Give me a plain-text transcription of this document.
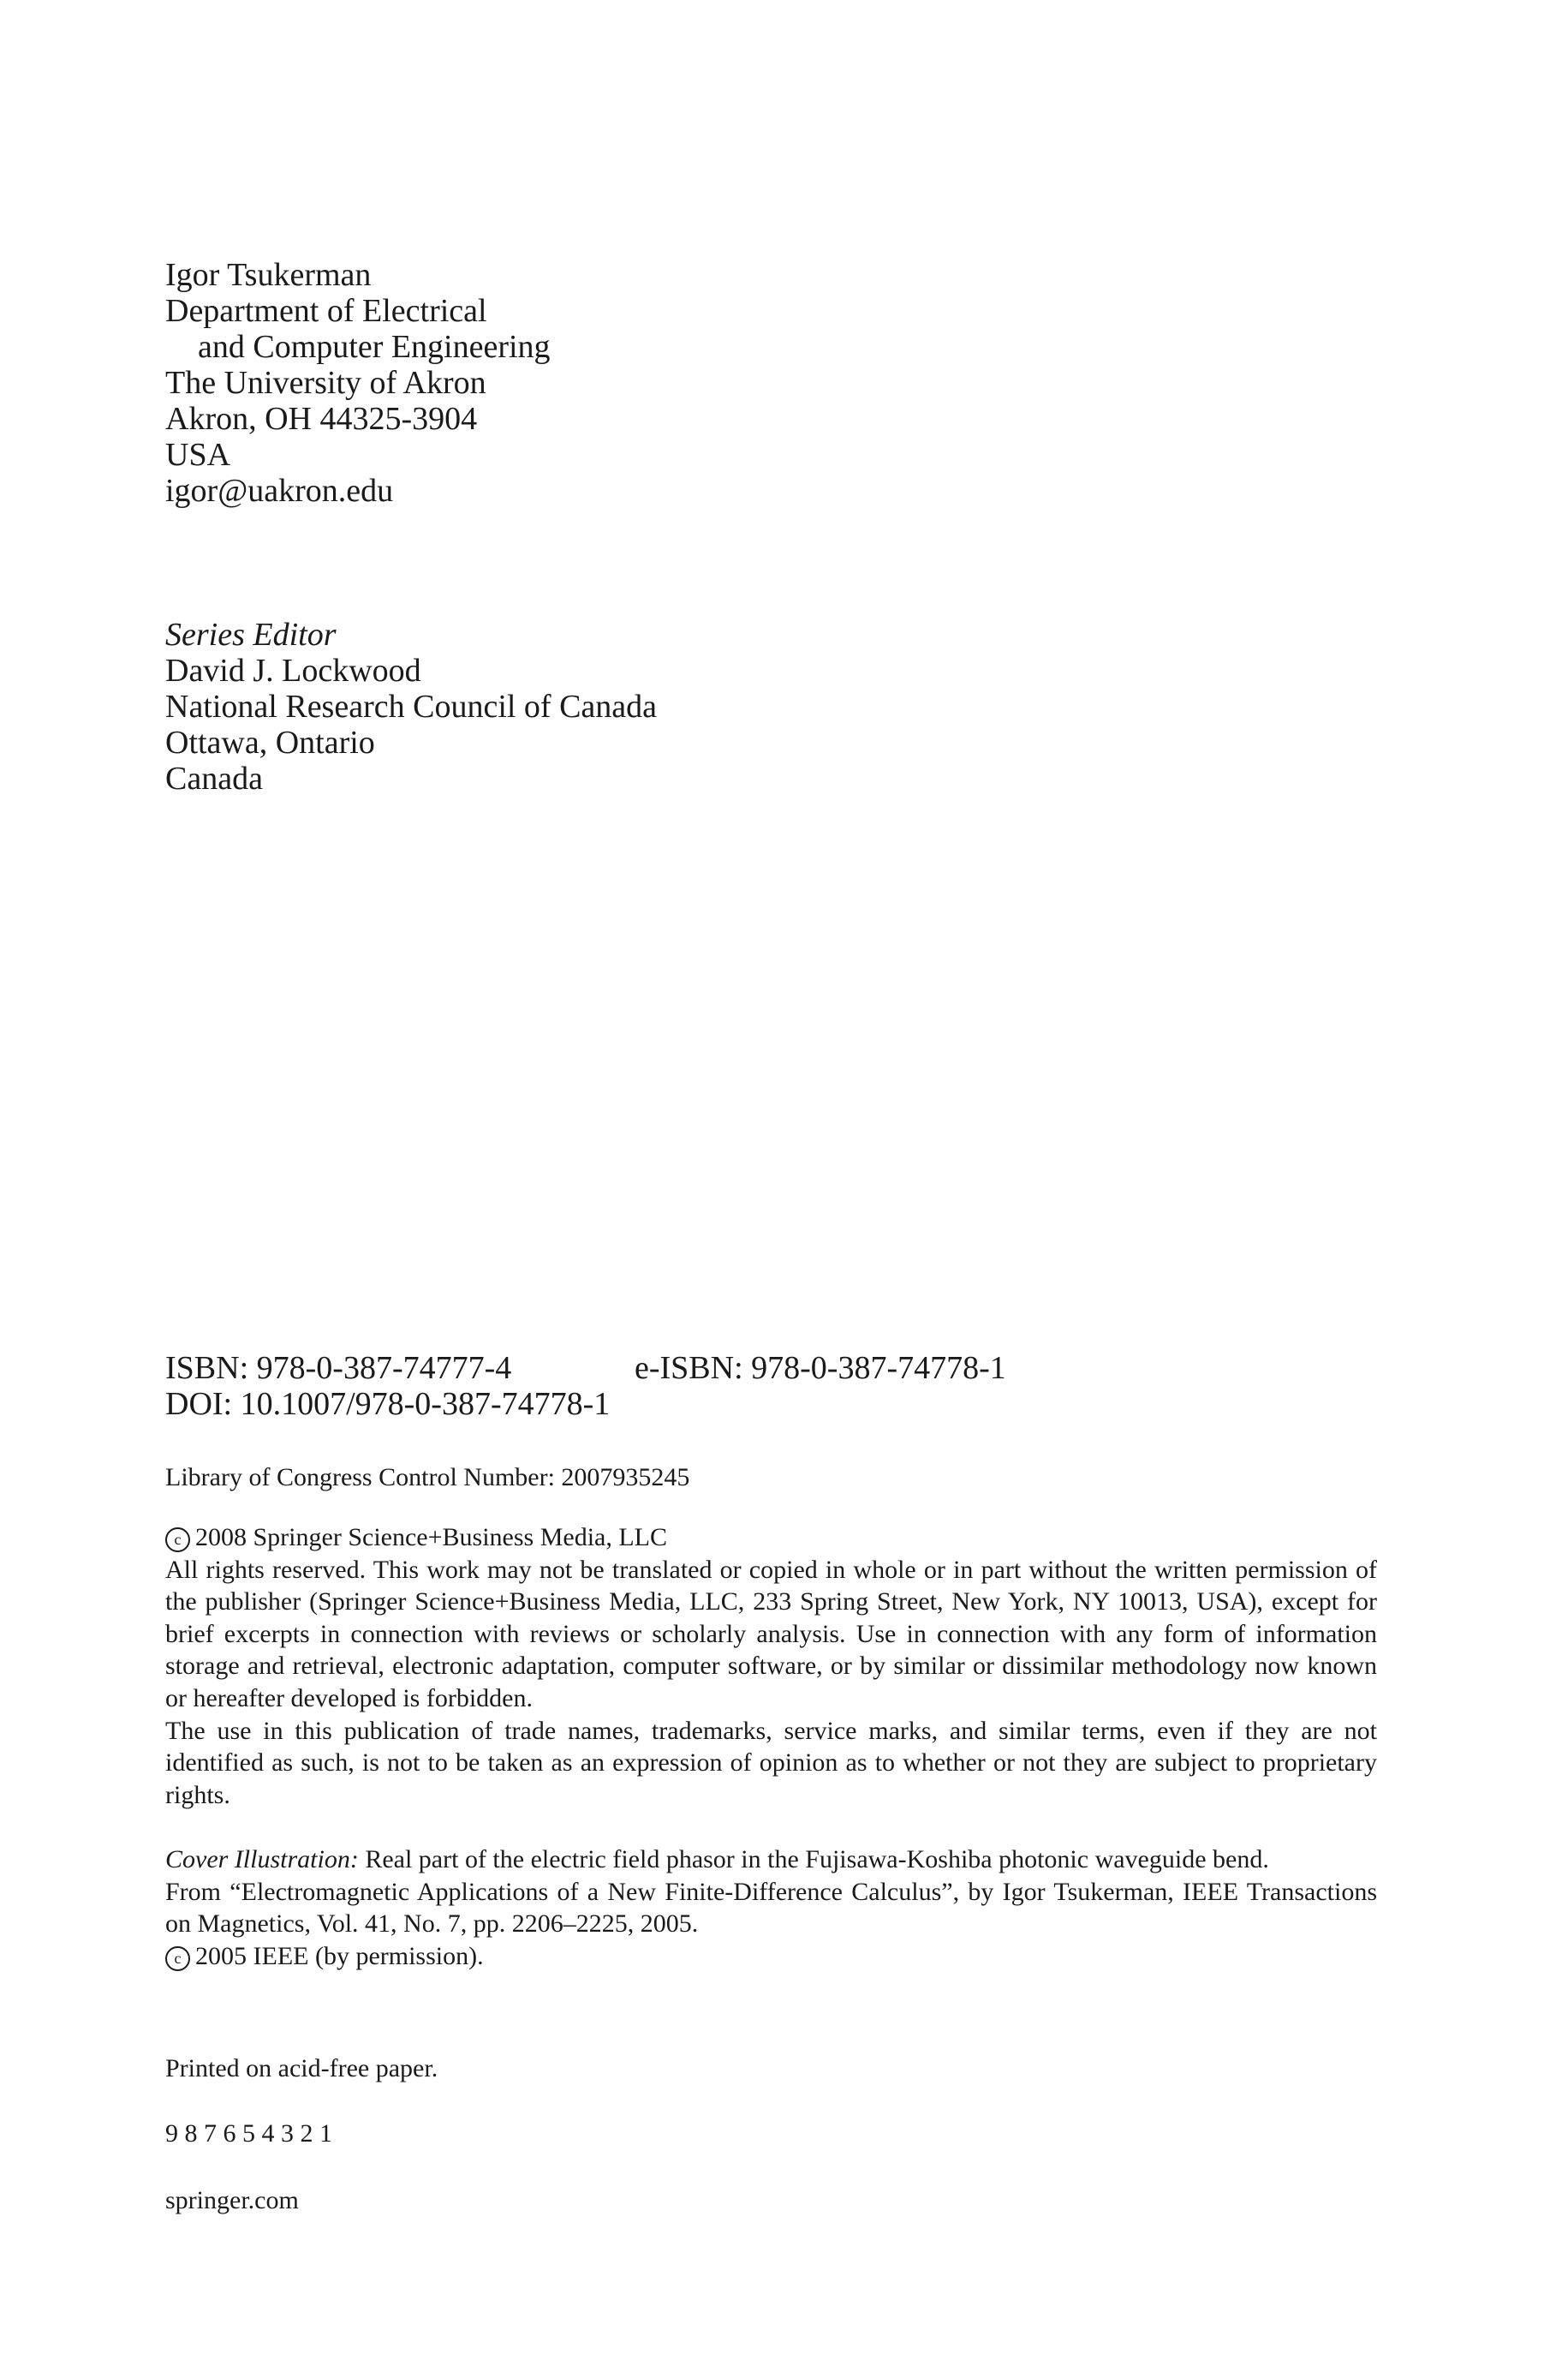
Igor Tsukerman
Department of Electrical
and Computer Engineering
The University of Akron
Akron, OH 44325-3904
USA
igor@uakron.edu
Series Editor
David J. Lockwood
National Research Council of Canada
Ottawa, Ontario
Canada
ISBN: 978-0-387-74777-4	e-ISBN: 978-0-387-74778-1
DOI: 10.1007/978-0-387-74778-1
Library of Congress Control Number: 2007935245
c 2008 Springer Science+Business Media, LLC
All rights reserved. This work may not be translated or copied in whole or in part without the written permission of the publisher (Springer Science+Business Media, LLC, 233 Spring Street, New York, NY 10013, USA), except for brief excerpts in connection with reviews or scholarly analysis. Use in connection with any form of information storage and retrieval, electronic adaptation, computer software, or by similar or dissimilar methodology now known or hereafter developed is forbidden.
The use in this publication of trade names, trademarks, service marks, and similar terms, even if they are not identified as such, is not to be taken as an expression of opinion as to whether or not they are subject to proprietary rights.
Cover Illustration: Real part of the electric field phasor in the Fujisawa-Koshiba photonic waveguide bend.
From “Electromagnetic Applications of a New Finite-Difference Calculus”, by Igor Tsukerman, IEEE Transactions on Magnetics, Vol. 41, No. 7, pp. 2206–2225, 2005.
c 2005 IEEE (by permission).
Printed on acid-free paper.
9 8 7 6 5 4 3 2 1
springer.com
